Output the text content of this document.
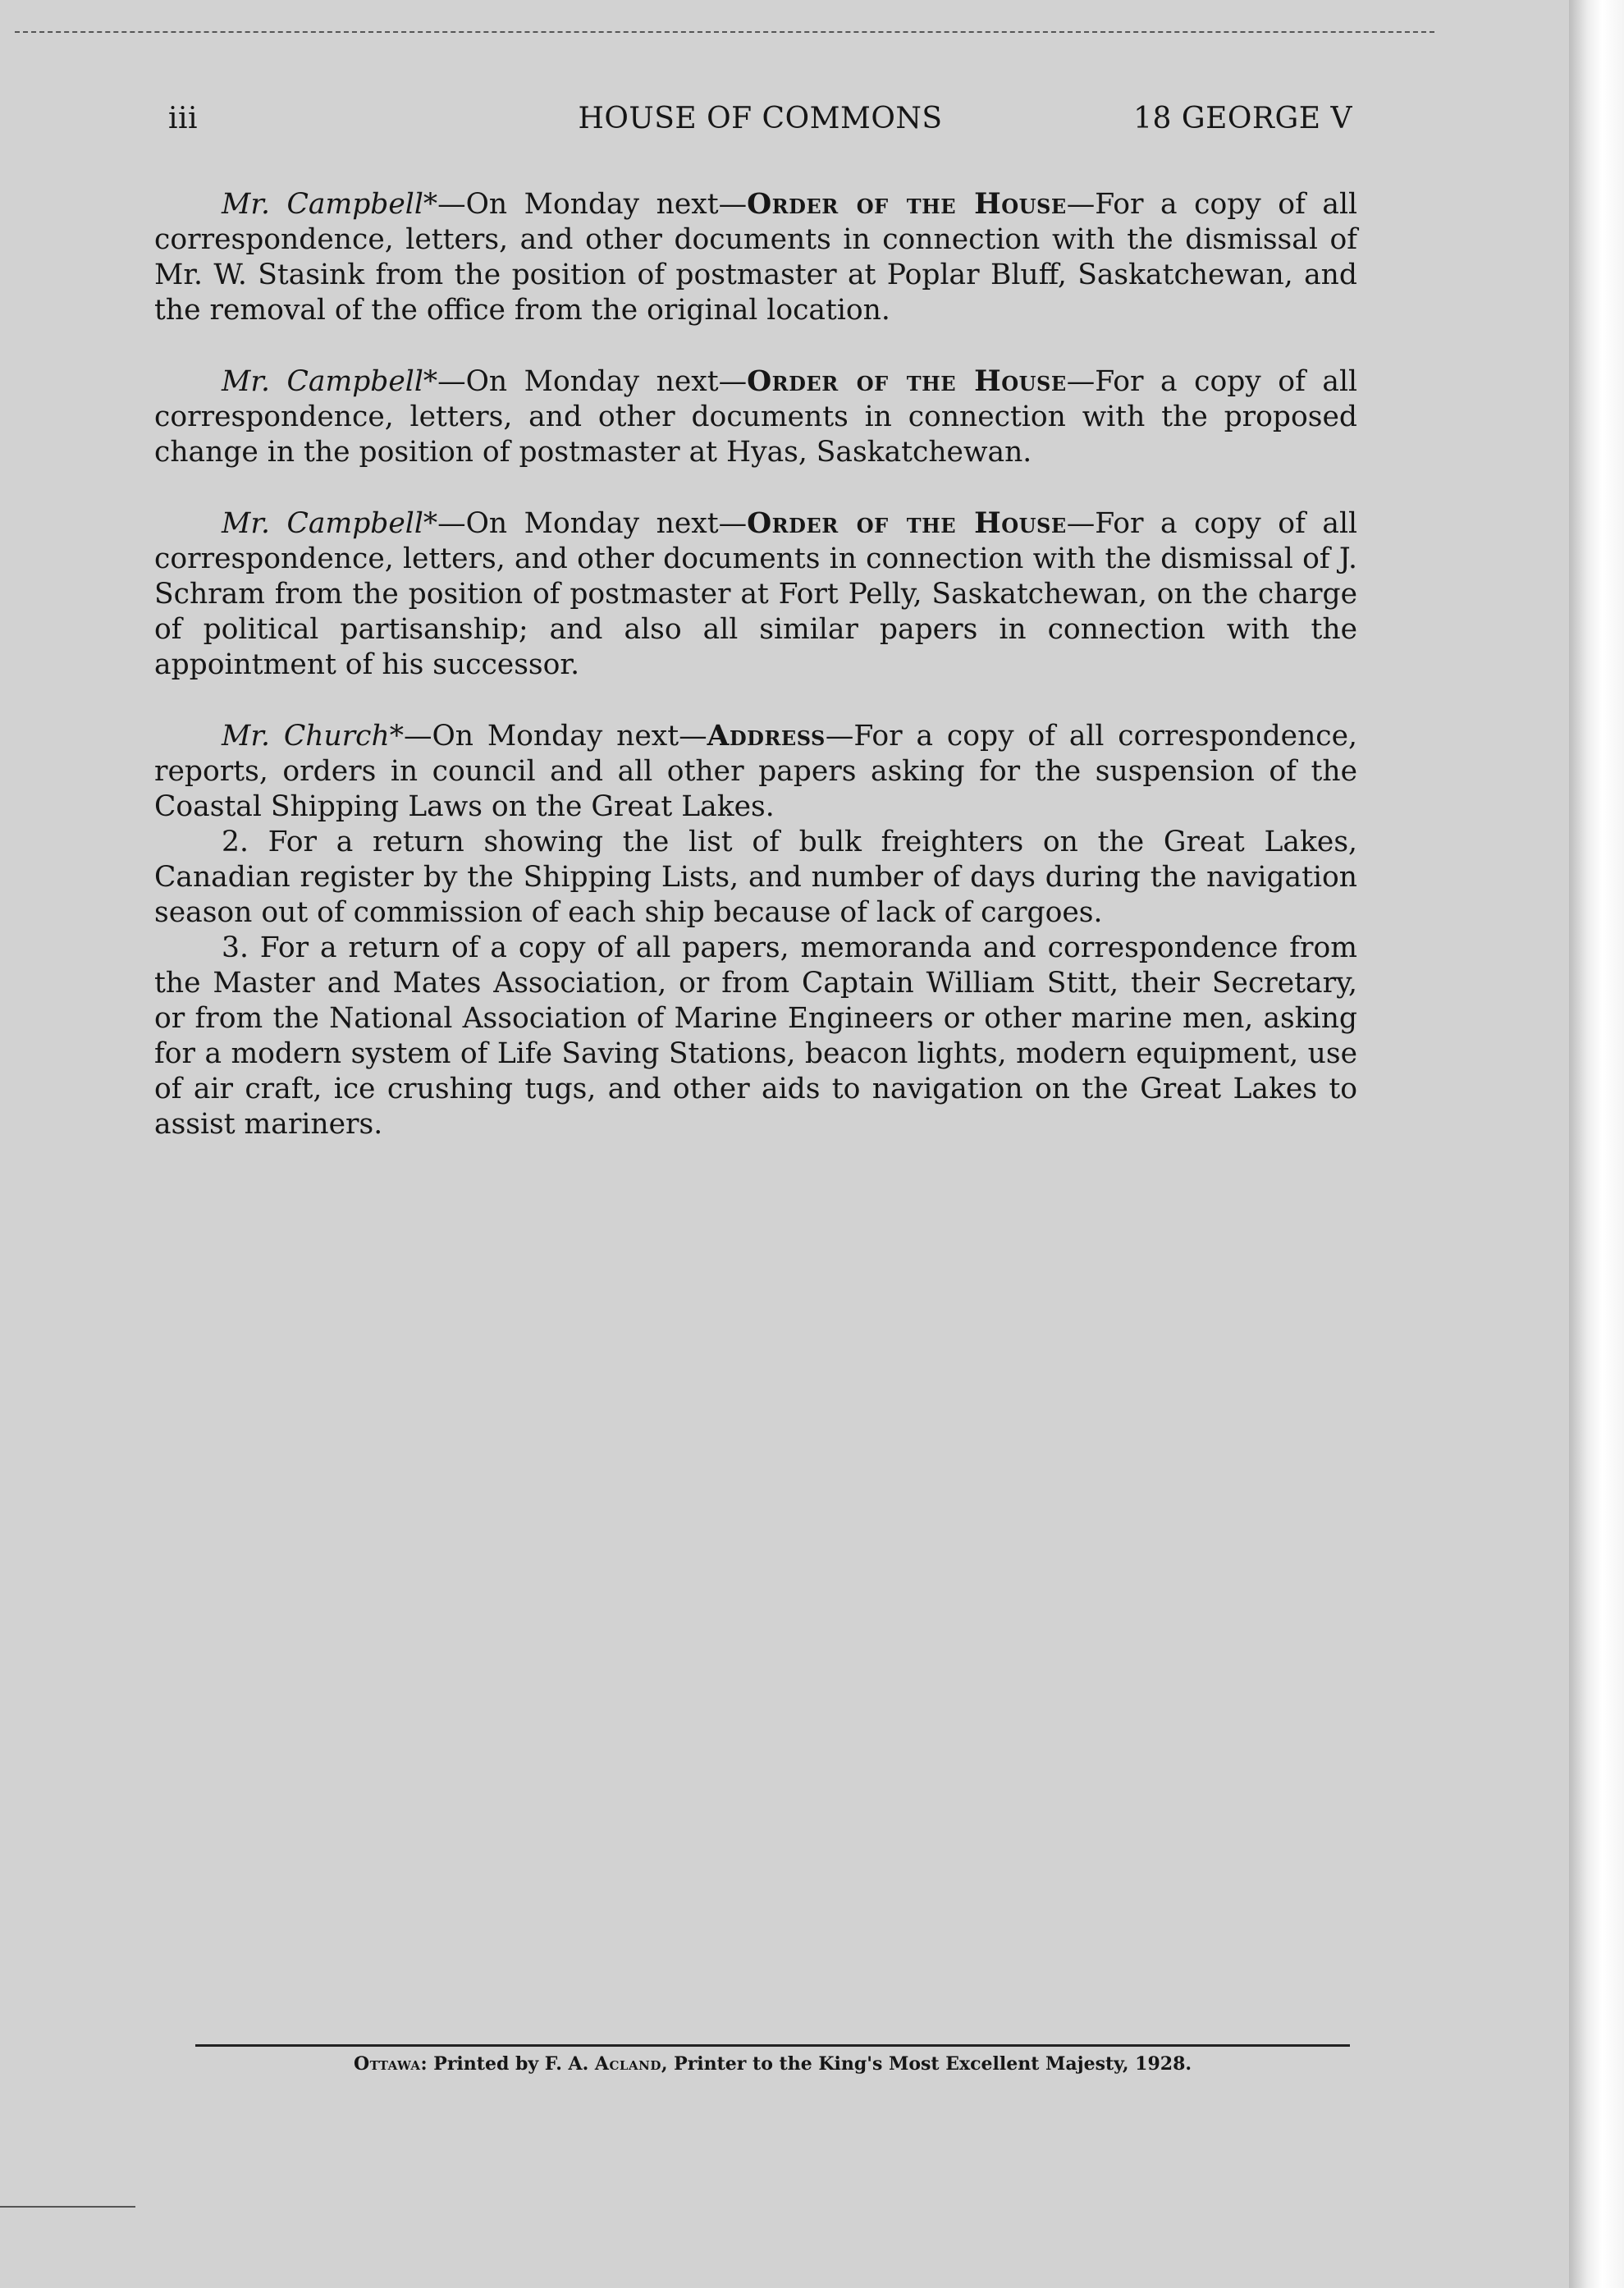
iii	HOUSE OF COMMONS	18 GEORGE V

Mr. Campbell*—On Monday next—Order of the House—For a copy of all correspondence, letters, and other documents in connection with the dismissal of Mr. W. Stasink from the position of postmaster at Poplar Bluff, Saskatchewan, and the removal of the office from the original location.

Mr. Campbell*—On Monday next—Order of the House—For a copy of all correspondence, letters, and other documents in connection with the proposed change in the position of postmaster at Hyas, Saskatchewan.

Mr. Campbell*—On Monday next—Order of the House—For a copy of all correspondence, letters, and other documents in connection with the dismissal of J. Schram from the position of postmaster at Fort Pelly, Saskatchewan, on the charge of political partisanship; and also all similar papers in connection with the appointment of his successor.

Mr. Church*—On Monday next—Address—For a copy of all correspondence, reports, orders in council and all other papers asking for the suspension of the Coastal Shipping Laws on the Great Lakes.

2. For a return showing the list of bulk freighters on the Great Lakes, Canadian register by the Shipping Lists, and number of days during the navigation season out of commission of each ship because of lack of cargoes.

3. For a return of a copy of all papers, memoranda and correspondence from the Master and Mates Association, or from Captain William Stitt, their Secretary, or from the National Association of Marine Engineers or other marine men, asking for a modern system of Life Saving Stations, beacon lights, modern equipment, use of air craft, ice crushing tugs, and other aids to navigation on the Great Lakes to assist mariners.

Ottawa: Printed by F. A. Acland, Printer to the King's Most Excellent Majesty, 1928.
